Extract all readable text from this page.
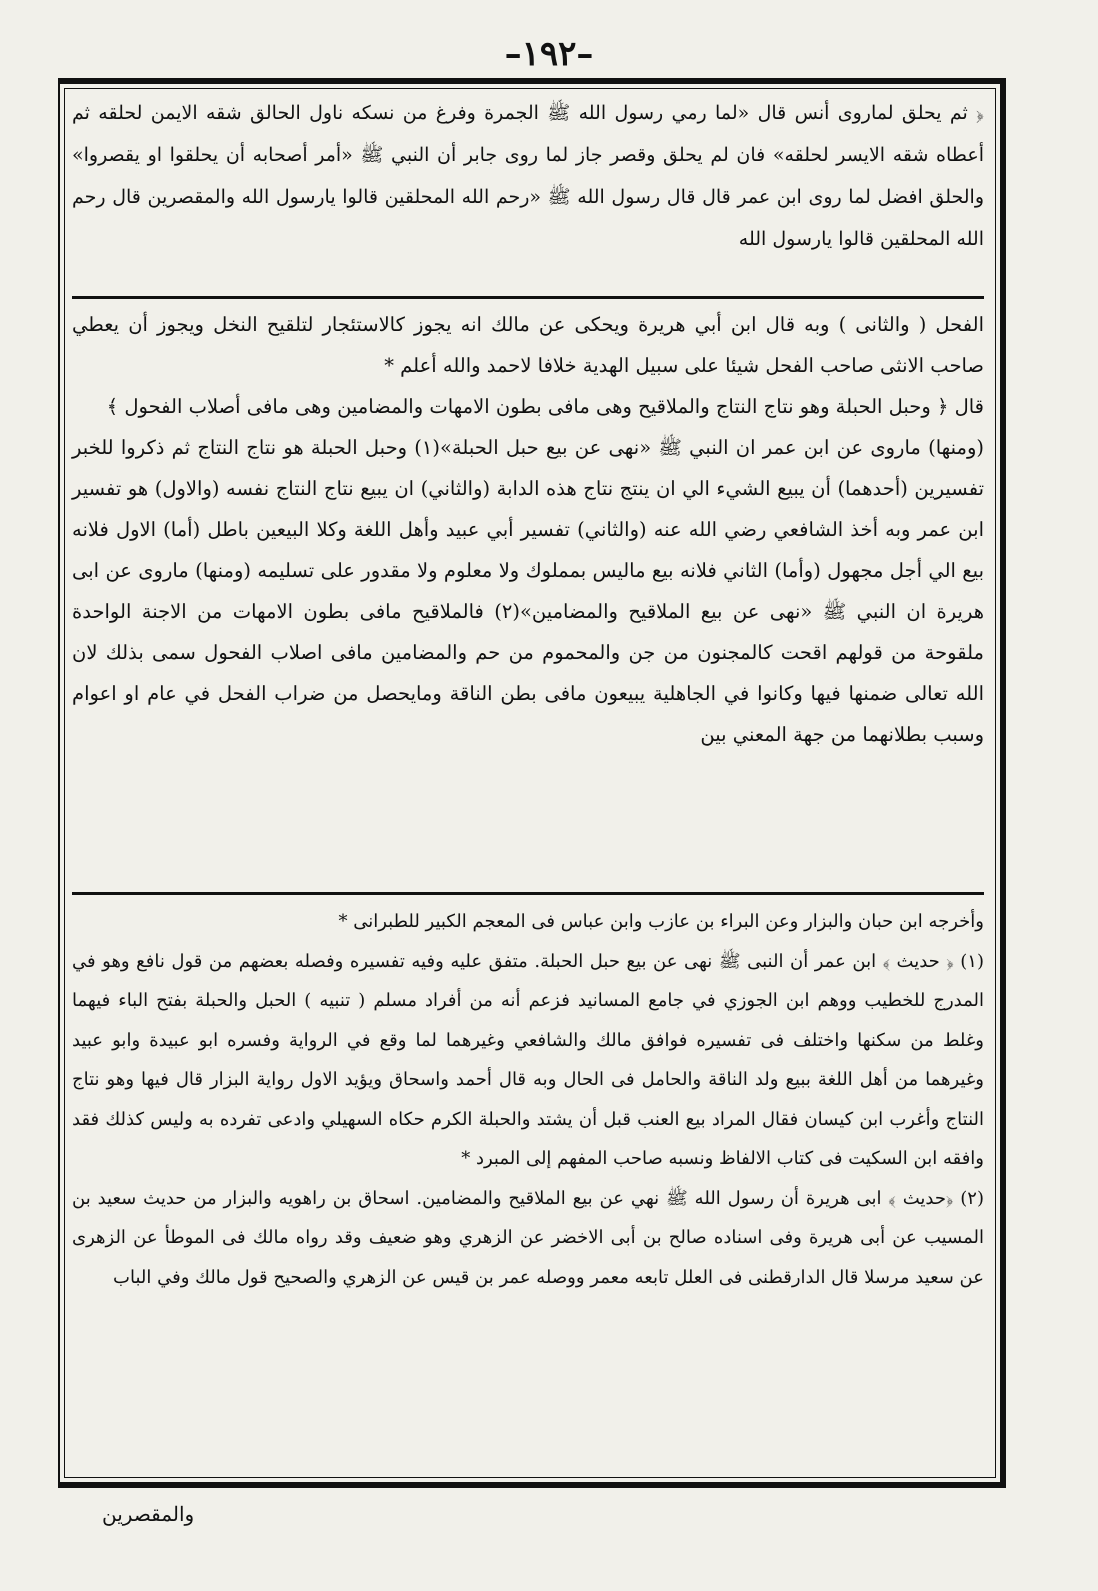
–١٩٢–

﴿ ثم يحلق لماروى أنس قال «لما رمي رسول الله ﷺ الجمرة وفرغ من نسكه ناول الحالق شقه الايمن لحلقه ثم أعطاه شقه الايسر لحلقه» فان لم يحلق وقصر جاز لما روى جابر أن النبي ﷺ «أمر أصحابه أن يحلقوا او يقصروا» والحلق افضل لما روى ابن عمر قال قال رسول الله ﷺ «رحم الله المحلقين قالوا يارسول الله والمقصرين قال رحم الله المحلقين قالوا يارسول الله

الفحل ( والثانى ) وبه قال ابن أبي هريرة ويحكى عن مالك انه يجوز كالاستئجار لتلقيح النخل ويجوز أن يعطي صاحب الانثى صاحب الفحل شيئا على سبيل الهدية خلافا لاحمد والله أعلم *

قال ﴿ وحبل الحبلة وهو نتاج النتاج والملاقيح وهى مافى بطون الامهات والمضامين وهى مافى أصلاب الفحول ﴾

(ومنها) ماروى عن ابن عمر ان النبي ﷺ «نهى عن بيع حبل الحبلة»(١) وحبل الحبلة هو نتاج النتاج ثم ذكروا للخبر تفسيرين (أحدهما) أن يبيع الشيء الي ان ينتج نتاج هذه الدابة (والثاني) ان يبيع نتاج النتاج نفسه (والاول) هو تفسير ابن عمر وبه أخذ الشافعي رضي الله عنه (والثاني) تفسير أبي عبيد وأهل اللغة وكلا البيعين باطل (أما) الاول فلانه بيع الي أجل مجهول (وأما) الثاني فلانه بيع ماليس بمملوك ولا معلوم ولا مقدور على تسليمه (ومنها) ماروى عن ابى هريرة ان النبي ﷺ «نهى عن بيع الملاقيح والمضامين»(٢) فالملاقيح مافى بطون الامهات من الاجنة الواحدة ملقوحة من قولهم اقحت كالمجنون من جن والمحموم من حم والمضامين مافى اصلاب الفحول سمى بذلك لان الله تعالى ضمنها فيها وكانوا في الجاهلية يبيعون مافى بطن الناقة ومايحصل من ضراب الفحل في عام او اعوام وسبب بطلانهما من جهة المعني بين

وأخرجه ابن حبان والبزار وعن البراء بن عازب وابن عباس فى المعجم الكبير للطبرانى *

(١) ﴿ حديث ﴾ ابن عمر أن النبى ﷺ نهى عن بيع حبل الحبلة. متفق عليه وفيه تفسيره وفصله بعضهم من قول نافع وهو في المدرج للخطيب ووهم ابن الجوزي في جامع المسانيد فزعم أنه من أفراد مسلم ( تنبيه ) الحبل والحبلة بفتح الباء فيهما وغلط من سكنها واختلف فى تفسيره فوافق مالك والشافعي وغيرهما لما وقع في الرواية وفسره ابو عبيدة وابو عبيد وغيرهما من أهل اللغة ببيع ولد الناقة والحامل فى الحال وبه قال أحمد واسحاق ويؤيد الاول رواية البزار قال فيها وهو نتاج النتاج وأغرب ابن كيسان فقال المراد بيع العنب قبل أن يشتد والحبلة الكرم حكاه السهيلي وادعى تفرده به وليس كذلك فقد وافقه ابن السكيت فى كتاب الالفاظ ونسبه صاحب المفهم إلى المبرد *

(٢) ﴿حديث ﴾ ابى هريرة أن رسول الله ﷺ نهي عن بيع الملاقيح والمضامين. اسحاق بن راهويه والبزار من حديث سعيد بن المسيب عن أبى هريرة وفى اسناده صالح بن أبى الاخضر عن الزهري وهو ضعيف وقد رواه مالك فى الموطأ عن الزهرى عن سعيد مرسلا قال الدارقطنى فى العلل تابعه معمر ووصله عمر بن قيس عن الزهري والصحيح قول مالك وفي الباب

والمقصرين
